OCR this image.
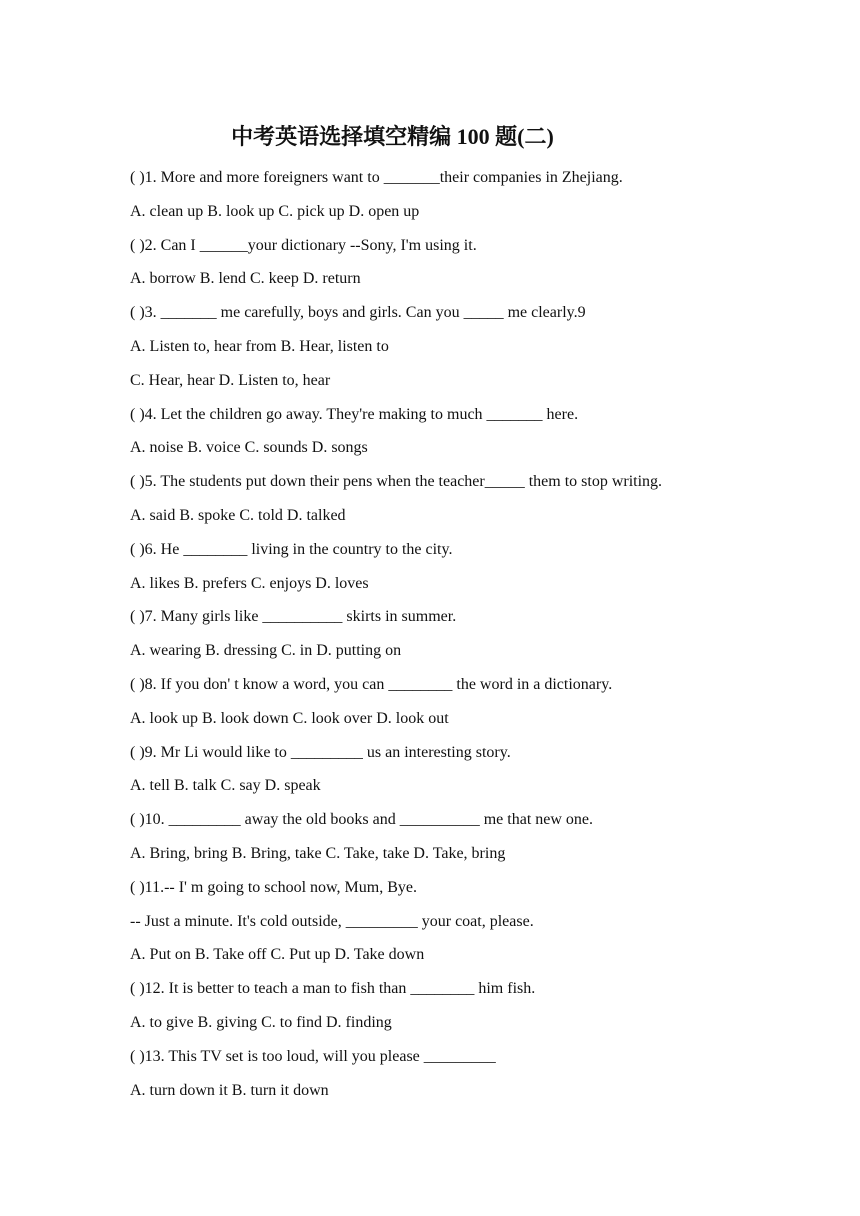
中考英语选择填空精编 100 题(二)
( )1. More and more foreigners want to _______their companies in Zhejiang.
A. clean up B. look up C. pick up D. open up
( )2. Can I ______your dictionary --Sony, I'm using it.
A. borrow B. lend C. keep D. return
( )3. _______ me carefully, boys and girls. Can you _____ me clearly.9
A. Listen to, hear from B. Hear, listen to
C. Hear, hear D. Listen to, hear
( )4. Let the children go away. They're making to much _______ here.
A. noise B. voice C. sounds D. songs
( )5. The students put down their pens when the teacher_____ them to stop writing.
A. said B. spoke C. told D. talked
( )6. He ________ living in the country to the city.
A. likes B. prefers C. enjoys D. loves
( )7. Many girls like __________ skirts in summer.
A. wearing B. dressing C. in D. putting on
( )8. If you don' t know a word, you can ________ the word in a dictionary.
A. look up B. look down C. look over D. look out
( )9. Mr Li would like to _________ us an interesting story.
A. tell B. talk C. say D. speak
( )10. _________ away the old books and __________ me that new one.
A. Bring, bring B. Bring, take C. Take, take D. Take, bring
( )11.-- I' m going to school now, Mum, Bye.
-- Just a minute. It's cold outside, _________ your coat, please.
A. Put on B. Take off C. Put up D. Take down
( )12. It is better to teach a man to fish than ________ him fish.
A. to give B. giving C. to find D. finding
( )13. This TV set is too loud, will you please _________
A. turn down it B. turn it down
